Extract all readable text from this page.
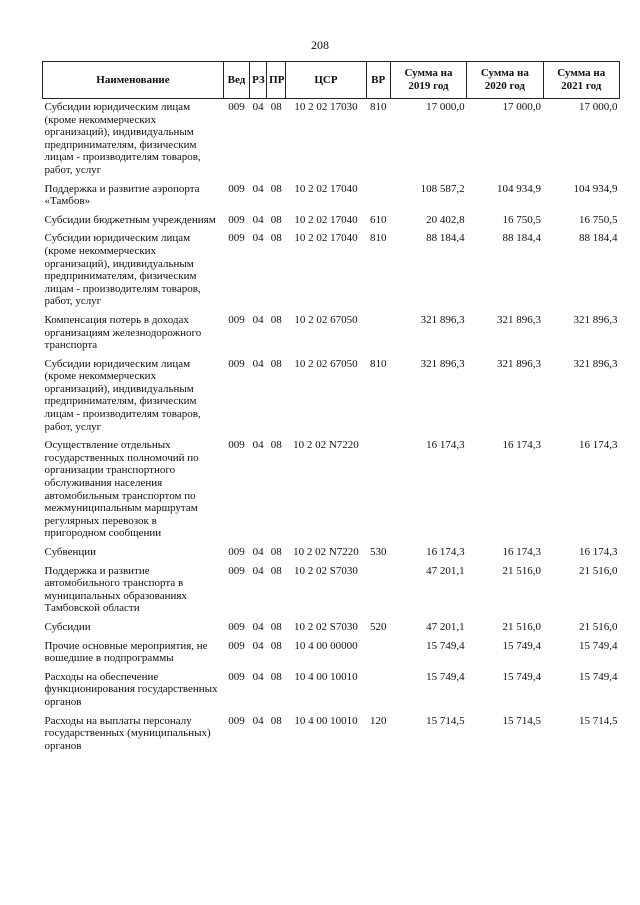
208
Наименование	Вед	РЗ	ПР	ЦСР	ВР	Сумма на 2019 год	Сумма на 2020 год	Сумма на 2021 год
Субсидии юридическим лицам (кроме некоммерческих организаций), индивидуальным предпринимателям, физическим лицам - производителям товаров, работ, услуг	009	04	08	10 2 02 17030	810	17 000,0	17 000,0	17 000,0
Поддержка и развитие аэропорта «Тамбов»	009	04	08	10 2 02 17040		108 587,2	104 934,9	104 934,9
Субсидии бюджетным учреждениям	009	04	08	10 2 02 17040	610	20 402,8	16 750,5	16 750,5
Субсидии юридическим лицам (кроме некоммерческих организаций), индивидуальным предпринимателям, физическим лицам - производителям товаров, работ, услуг	009	04	08	10 2 02 17040	810	88 184,4	88 184,4	88 184,4
Компенсация потерь в доходах организациям железнодорожного транспорта	009	04	08	10 2 02 67050		321 896,3	321 896,3	321 896,3
Субсидии юридическим лицам (кроме некоммерческих организаций), индивидуальным предпринимателям, физическим лицам - производителям товаров, работ, услуг	009	04	08	10 2 02 67050	810	321 896,3	321 896,3	321 896,3
Осуществление отдельных государственных полномочий по организации транспортного обслуживания населения автомобильным транспортом по межмуниципальным маршрутам регулярных перевозок в пригородном сообщении	009	04	08	10 2 02 N7220		16 174,3	16 174,3	16 174,3
Субвенции	009	04	08	10 2 02 N7220	530	16 174,3	16 174,3	16 174,3
Поддержка и развитие автомобильного транспорта в муниципальных образованиях Тамбовской области	009	04	08	10 2 02 S7030		47 201,1	21 516,0	21 516,0
Субсидии	009	04	08	10 2 02 S7030	520	47 201,1	21 516,0	21 516,0
Прочие основные мероприятия, не вошедшие в подпрограммы	009	04	08	10 4 00 00000		15 749,4	15 749,4	15 749,4
Расходы на обеспечение функционирования государственных органов	009	04	08	10 4 00 10010		15 749,4	15 749,4	15 749,4
Расходы на выплаты персоналу государственных (муниципальных) органов	009	04	08	10 4 00 10010	120	15 714,5	15 714,5	15 714,5
